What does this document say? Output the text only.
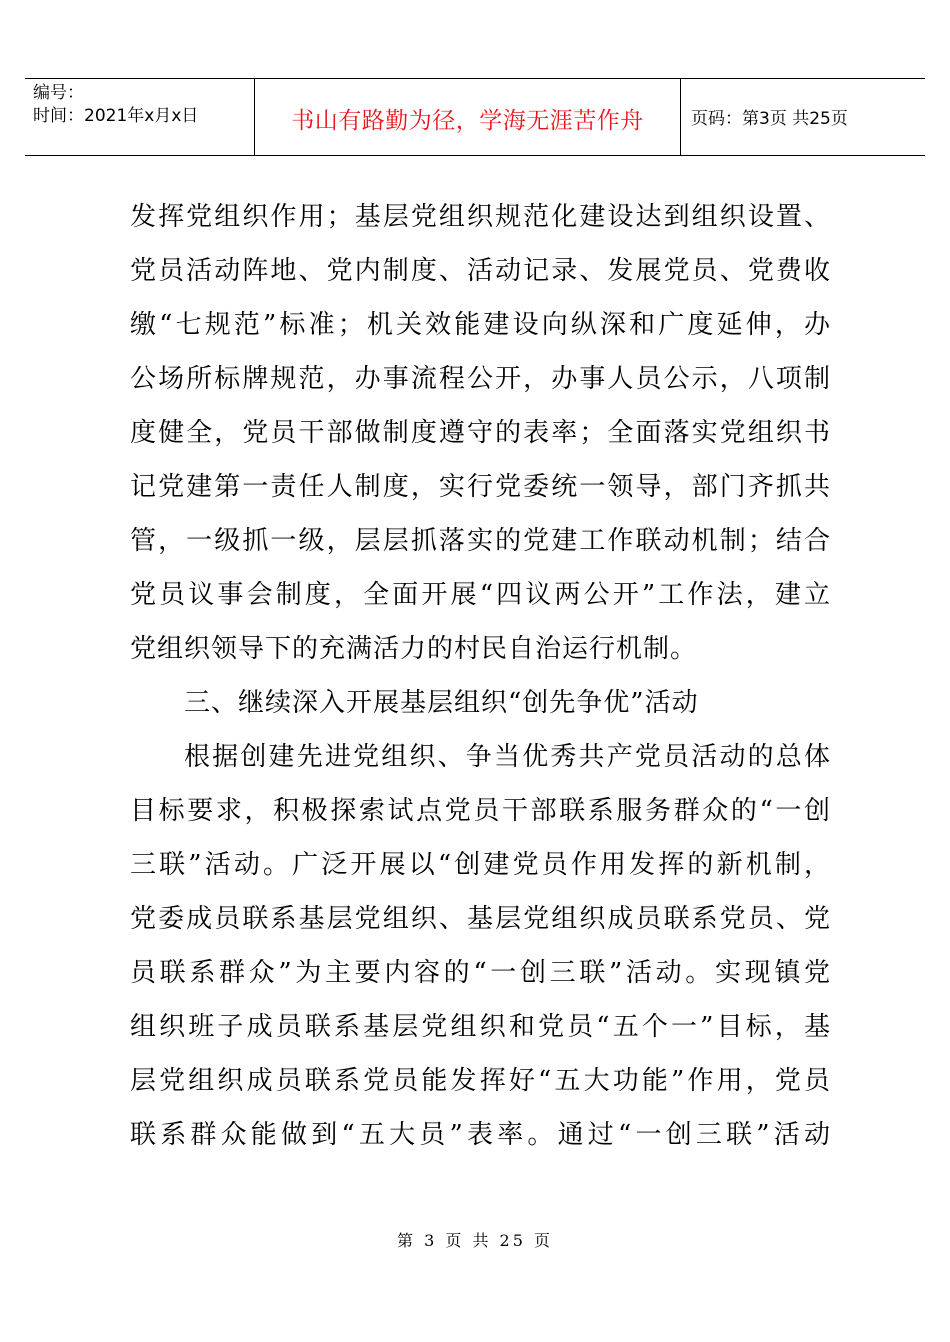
编号：
时间：2021年x月x日	书山有路勤为径，学海无涯苦作舟	页码：第3页 共25页
发挥党组织作用；基层党组织规范化建设达到组织设置、
党员活动阵地、党内制度、活动记录、发展党员、党费收
缴“七规范”标准；机关效能建设向纵深和广度延伸，办
公场所标牌规范，办事流程公开，办事人员公示，八项制
度健全，党员干部做制度遵守的表率；全面落实党组织书
记党建第一责任人制度，实行党委统一领导，部门齐抓共
管，一级抓一级，层层抓落实的党建工作联动机制；结合
党员议事会制度，全面开展“四议两公开”工作法，建立
党组织领导下的充满活力的村民自治运行机制。
三、继续深入开展基层组织“创先争优”活动
根据创建先进党组织、争当优秀共产党员活动的总体
目标要求，积极探索试点党员干部联系服务群众的“一创
三联”活动。广泛开展以“创建党员作用发挥的新机制，
党委成员联系基层党组织、基层党组织成员联系党员、党
员联系群众”为主要内容的“一创三联”活动。实现镇党
组织班子成员联系基层党组织和党员“五个一”目标，基
层党组织成员联系党员能发挥好“五大功能”作用，党员
联系群众能做到“五大员”表率。通过“一创三联”活动
第 3 页 共 25 页
